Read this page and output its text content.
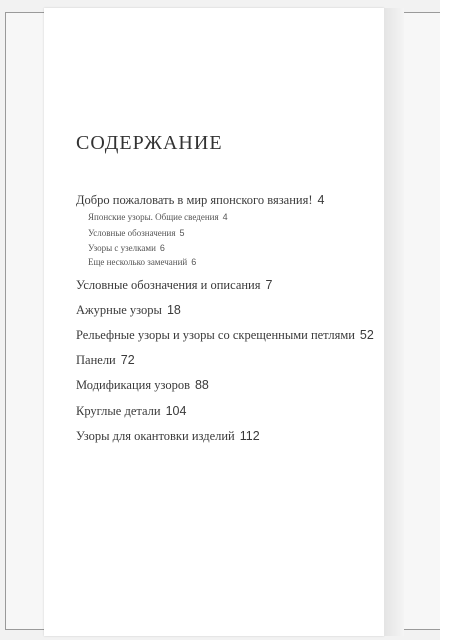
СОДЕРЖАНИЕ
Добро пожаловать в мир японского вязания! 4
Японские узоры. Общие сведения 4
Условные обозначения 5
Узоры с узелками 6
Еще несколько замечаний 6
Условные обозначения и описания 7
Ажурные узоры 18
Рельефные узоры и узоры со скрещенными петлями 52
Панели 72
Модификация узоров 88
Круглые детали 104
Узоры для окантовки изделий 112
